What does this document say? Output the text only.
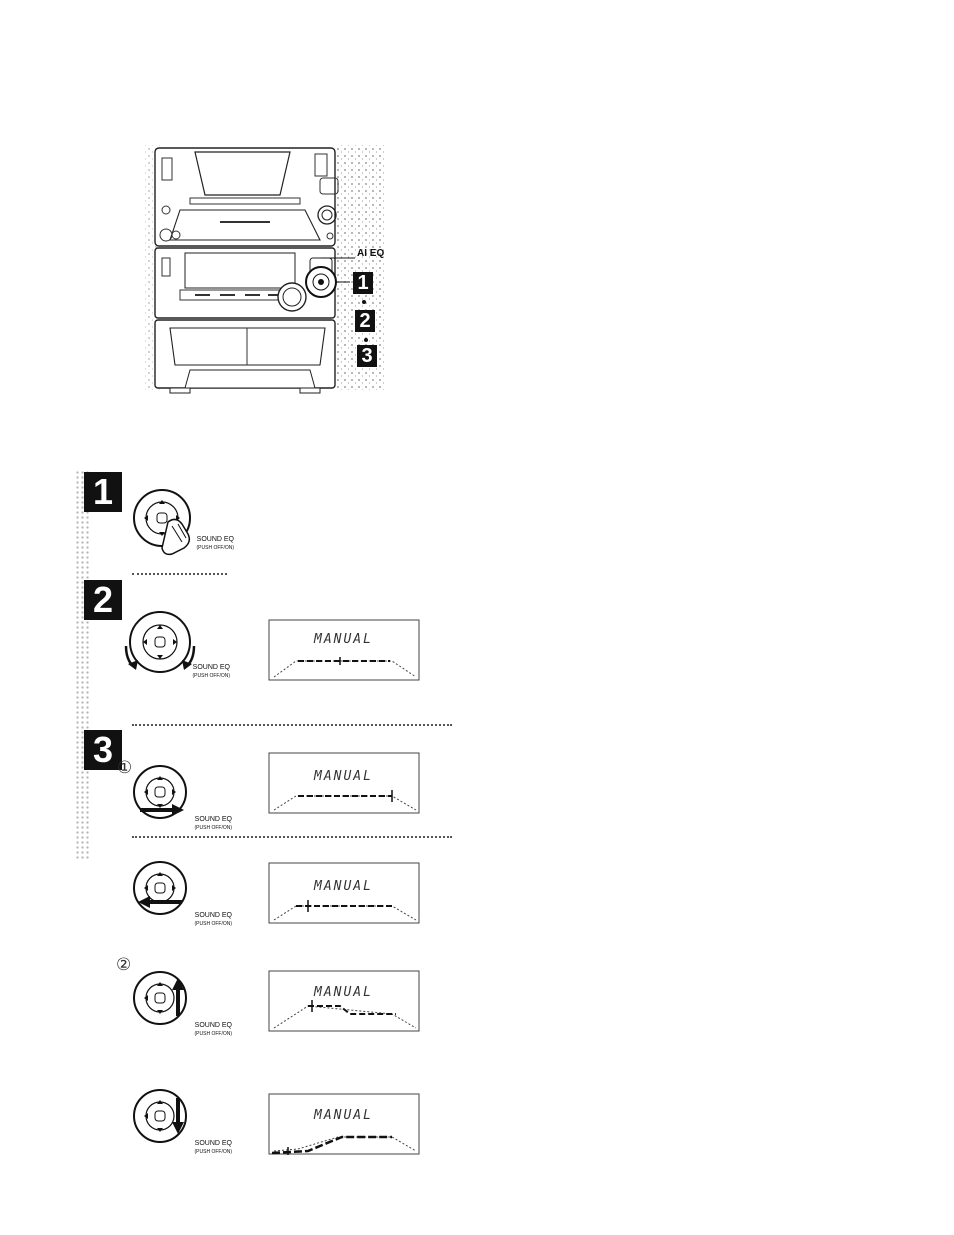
AI EQ
1
2
3
1
SOUND EQ
(PUSH OFF/ON)
2
SOUND EQ
(PUSH OFF/ON)
MANUAL
3 ①
SOUND EQ
(PUSH OFF/ON)
MANUAL
SOUND EQ
(PUSH OFF/ON)
MANUAL
②
SOUND EQ
(PUSH OFF/ON)
MANUAL
SOUND EQ
(PUSH OFF/ON)
MANUAL
